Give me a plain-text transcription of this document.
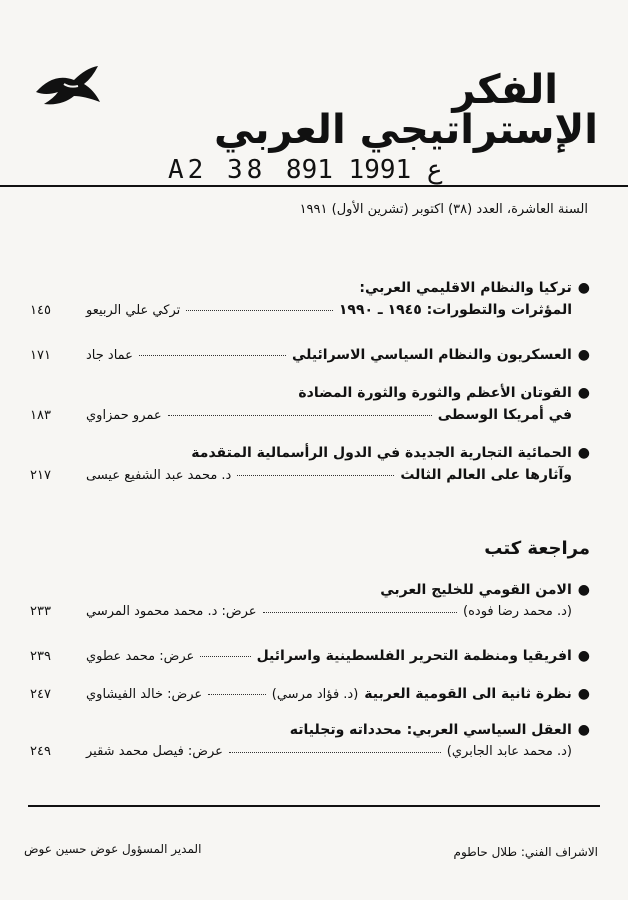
الفكر
الإستراتيجي العربي
A2 38 ع 1991 891
السنة العاشرة، العدد (٣٨) اكتوبر (تشرين الأول) ١٩٩١
●
تركيا والنظام الاقليمي العربي:
المؤثرات والتطورات: ١٩٤٥ ـ ١٩٩٠
تركي علي الربيعو
١٤٥
●
العسكريون والنظام السياسي الاسرائيلي
عماد جاد
١٧١
●
القوتان الأعظم والثورة والثورة المضادة
في أمريكا الوسطى
عمرو حمزاوي
١٨٣
●
الحمائية التجارية الجديدة في الدول الرأسمالية المتقدمة
وآثارها على العالم الثالث
د. محمد عبد الشفيع عيسى
٢١٧
مراجعة كتب
●
الامن القومي للخليج العربي
(د. محمد رضا فوده)
عرض: د. محمد محمود المرسي
٢٣٣
●
افريقيا ومنظمة التحرير الفلسطينية واسرائيل
عرض: محمد عطوي
٢٣٩
●
نظرة ثانية الى القومية العربية
(د. فؤاد مرسي)
عرض: خالد الفيشاوي
٢٤٧
●
العقل السياسي العربي: محدداته وتجلياته
(د. محمد عابد الجابري)
عرض: فيصل محمد شقير
٢٤٩
المدير المسؤول عوض حسين عوض	الاشراف الفني: طلال حاطوم
